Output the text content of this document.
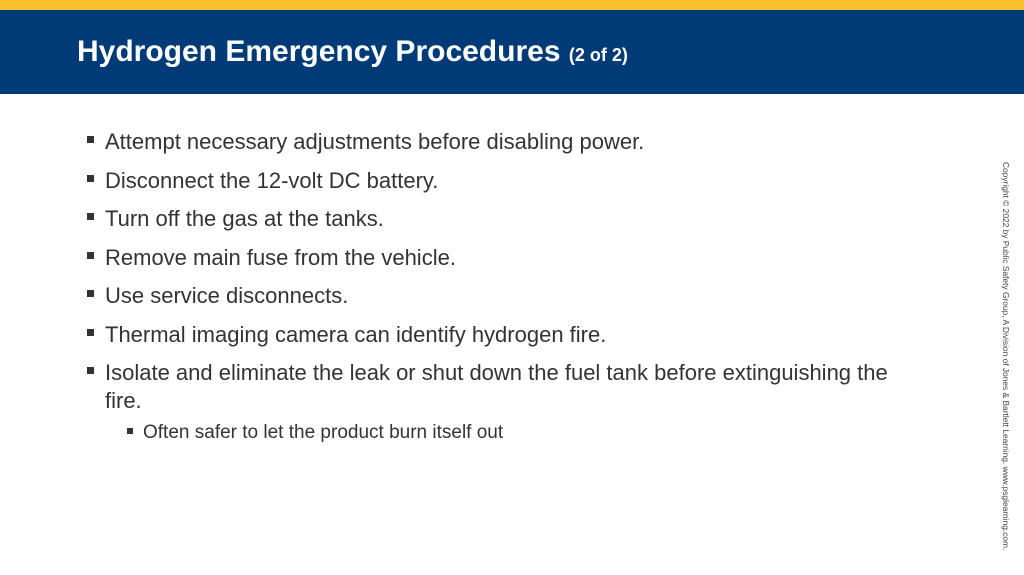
Hydrogen Emergency Procedures (2 of 2)
Attempt necessary adjustments before disabling power.
Disconnect the 12-volt DC battery.
Turn off the gas at the tanks.
Remove main fuse from the vehicle.
Use service disconnects.
Thermal imaging camera can identify hydrogen fire.
Isolate and eliminate the leak or shut down the fuel tank before extinguishing the fire.
Often safer to let the product burn itself out	Copyright © 2022 by Public Safety Group, A Division of Jones & Bartlett Learning. www.psglearning.com.
